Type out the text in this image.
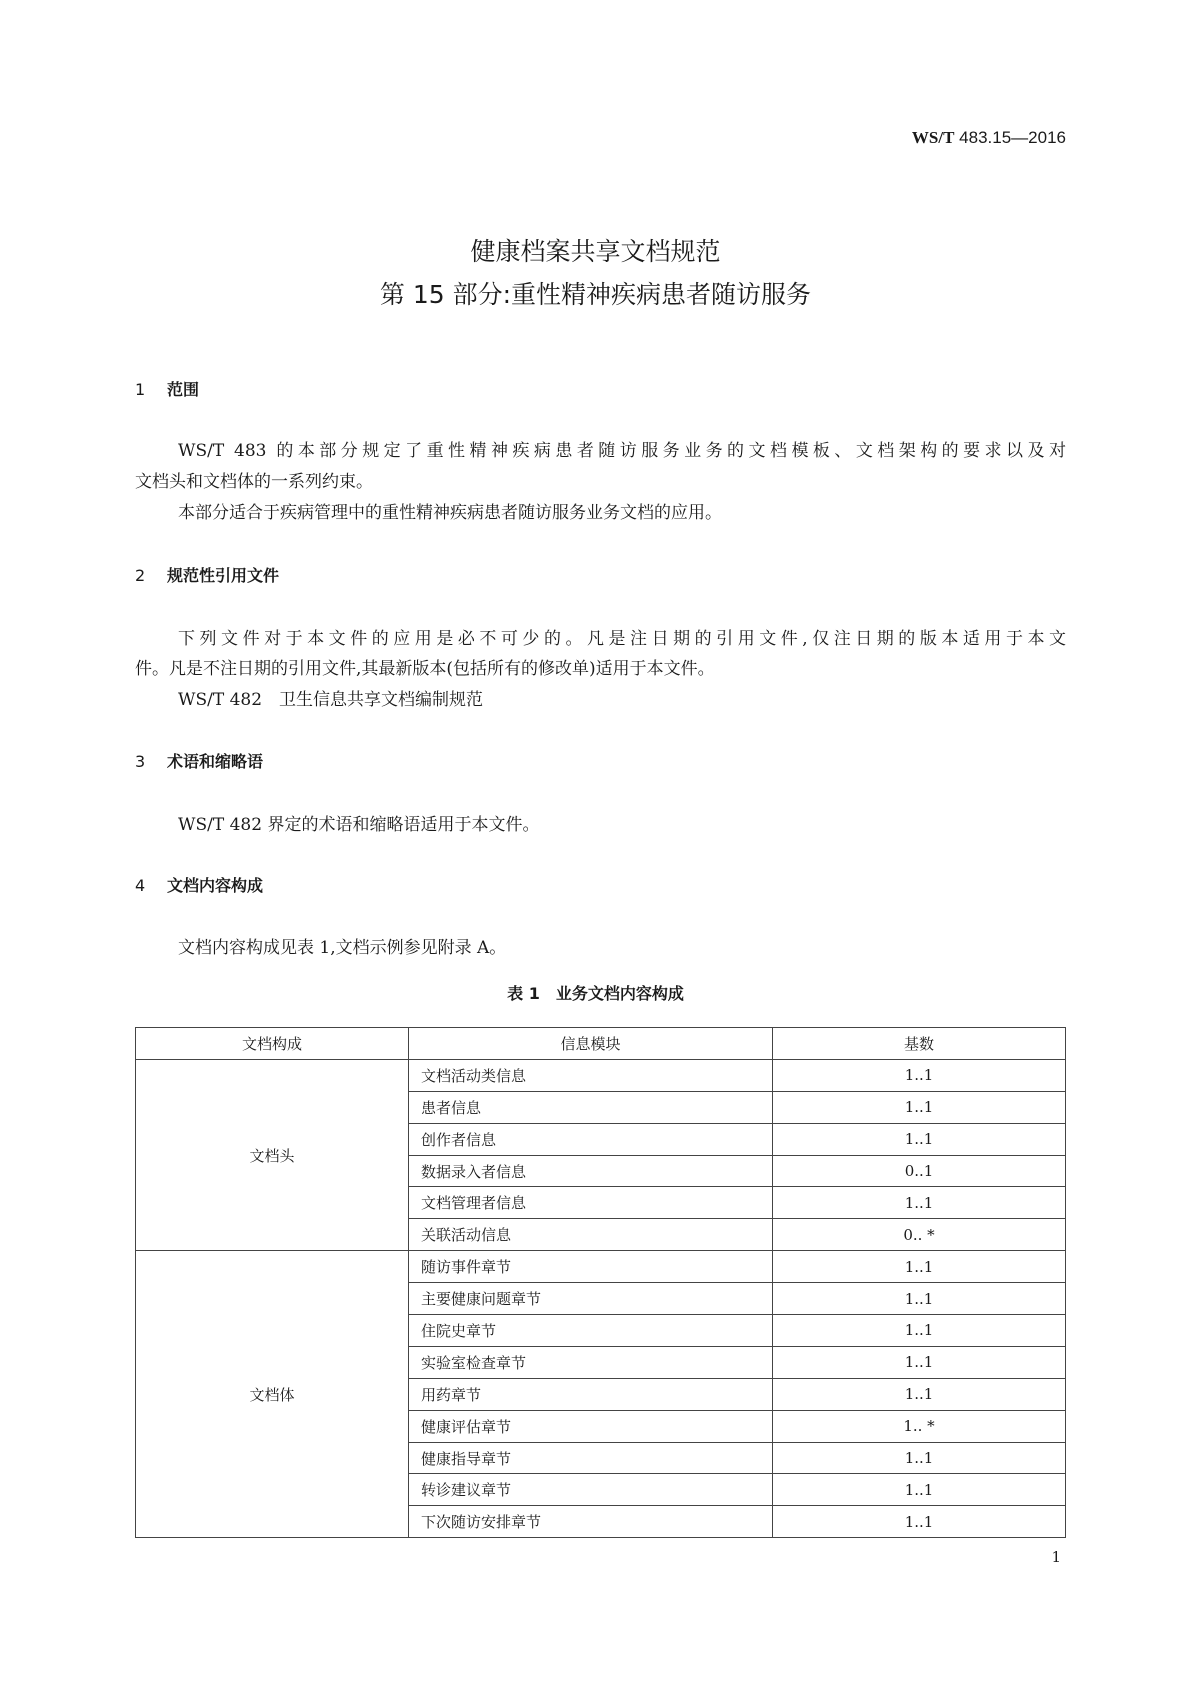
WS/T 483.15—2016
健康档案共享文档规范
第 15 部分:重性精神疾病患者随访服务
1 范围
WS/T 483 的本部分规定了重性精神疾病患者随访服务业务的文档模板、文档架构的要求以及对
文档头和文档体的一系列约束。
本部分适合于疾病管理中的重性精神疾病患者随访服务业务文档的应用。
2 规范性引用文件
下列文件对于本文件的应用是必不可少的。凡是注日期的引用文件,仅注日期的版本适用于本文
件。凡是不注日期的引用文件,其最新版本(包括所有的修改单)适用于本文件。
WS/T 482　卫生信息共享文档编制规范
3 术语和缩略语
WS/T 482 界定的术语和缩略语适用于本文件。
4 文档内容构成
文档内容构成见表 1,文档示例参见附录 A。
表 1　业务文档内容构成
文档构成	信息模块	基数
文档头	文档活动类信息	1..1
	患者信息	1..1
	创作者信息	1..1
	数据录入者信息	0..1
	文档管理者信息	1..1
	关联活动信息	0.. *
文档体	随访事件章节	1..1
	主要健康问题章节	1..1
	住院史章节	1..1
	实验室检查章节	1..1
	用药章节	1..1
	健康评估章节	1.. *
	健康指导章节	1..1
	转诊建议章节	1..1
	下次随访安排章节	1..1
1
